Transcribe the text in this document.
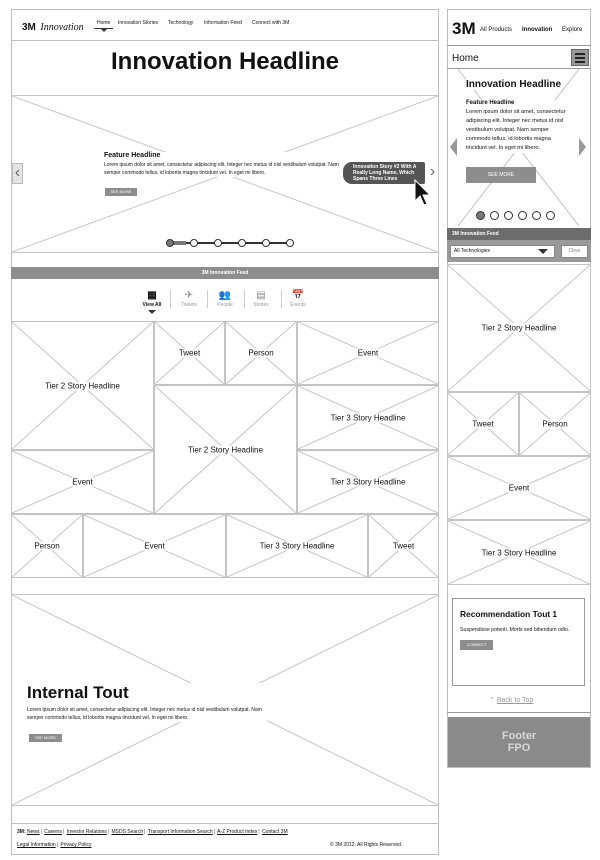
3M Innovation	Home Innovation Stories Technology Information Feed Connect with 3M
Innovation Headline
‹	›
Feature Headline
Lorem ipsum dolor sit amet, consectetur adipiscing elit. Integer nec metus id nisl vestibulum volutpat. Nam semper commodo tellus, id lobortis magna tincidunt vel. In eget mi libero.
SEE MORE
Innovation Story #2 With A Really Long Name, Which Spans Three Lines
3M Innovation Feed
▦
View All
✈
Tweets
👥
People
▤
Stories
📅
Events
Tier 2 Story Headline
Tweet	Person	Event
Tier 2 Story Headline
Tier 3 Story Headline
Event	Tier 3 Story Headline
Person	Event	Tier 3 Story Headline	Tweet
Internal Tout
Lorem ipsum dolor sit amet, consectetur adipiscing elit. Integer nec metus id nisl vestibulum volutpat. Nam semper commodo tellus, id lobortis magna tincidunt vel. In eget mi libero.
SEE MORE
3M: News| Careers| Investor Relations| MSDS Search| Transport Information Search| A-Z Product Index| Contact 3M
Legal Information| Privacy Policy	© 3M 2012. All Rights Reserved.
3M All Products Innovation Explore
Home
Innovation Headline
Feature Headline
Lorem ipsum dolor sit amet, consectetur adipiscing elit. Integer nec metus id nisl vestibulum volutpat. Nam semper commodo tellus, id lobortis magna tincidunt vel. In eget mi libero.
SEE MORE
3M Innovation Feed
All Technologies	Clear
Tier 2 Story Headline
Tweet	Person
Event
Tier 3 Story Headline
Recommendation Tout 1
Suspendisse potenti. Morbi sed bibendum odio.
CONNECT
⌃ Back to Top
Footer
FPO
